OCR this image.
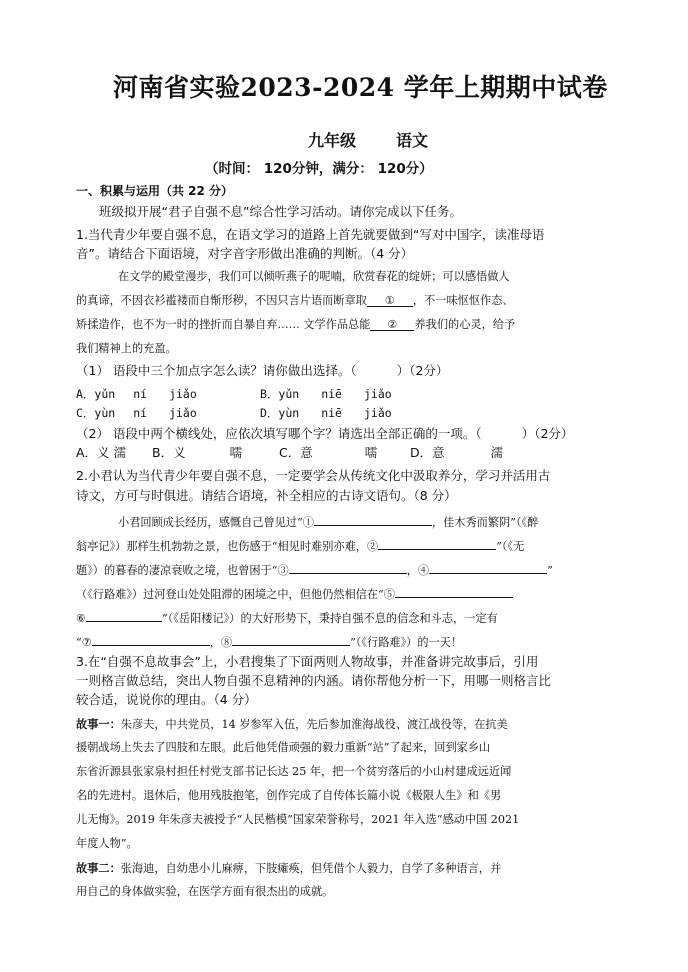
河南省实验2023-2024 学年上期期中试卷
九年级 语文
（时间： 120分钟，满分： 120分）
一、积累与运用（共 22 分）
班级拟开展“君子自强不息”综合性学习活动。请你完成以下任务。
1.当代青少年要自强不息，在语文学习的道路上首先就要做到“写对中国字，读准母语
音”。请结合下面语境，对字音字形做出准确的判断。（4 分）
在文学的殿堂漫步，我们可以倾听燕子的呢喃，欣赏春花的绽妍；可以感悟做人
的真谛，不因衣衫褴褛而自惭形秽，不因只言片语而断章取 ① ，不一味怄怄作态、
矫揉造作，也不为一时的挫折而自暴自弃…… 文学作品总能 ② 养我们的心灵，给予
我们精神上的充盈。
（1） 语段中三个加点字怎么读？请你做出选择。（	）（2分）
A．yǔn ní jiǎo	B．yǔn niē jiǎo
C．yùn ní jiǎo	D．yùn niē jiǎo
（2） 语段中两个横线处，应依次填写哪个字？请选出全部正确的一项。（	）（2分）
A．义 濡 B．义	嚅	C．意	嚅	D．意	濡
2.小君认为当代青少年要自强不息，一定要学会从传统文化中汲取养分，学习并活用古
诗文，方可与时俱进。请结合语境，补全相应的古诗文语句。（8 分）
小君回顾成长经历，感慨自己曾见过“①	，佳木秀而繁阴”（《醉
翁亭记》）那样生机勃勃之景，也伤感于“相见时难别亦难，②	”（《无
题》）的暮春的凄凉衰败之境，也曾困于“③	，④	”
（《行路难》）过河登山处处阻滞的困境之中，但他仍然相信在“⑤
⑥	”（《岳阳楼记》）的大好形势下，秉持自强不息的信念和斗志，一定有
“⑦	，⑧	”（《行路难》）的一天！
3.在“自强不息故事会”上，小君搜集了下面两则人物故事，并准备讲完故事后，引用
一则格言做总结，突出人物自强不息精神的内涵。请你帮他分析一下，用哪一则格言比
较合适，说说你的理由。（4 分）
故事一：朱彦夫，中共党员，14 岁参军入伍，先后参加淮海战役、渡江战役等，在抗美
援朝战场上失去了四肢和左眼。此后他凭借顽强的毅力重新“站”了起来，回到家乡山
东省沂源县张家泉村担任村党支部书记长达 25 年，把一个贫穷落后的小山村建成远近闻
名的先进村。退休后，他用残肢抱笔，创作完成了自传体长篇小说《极限人生》和《男
儿无悔》。2019 年朱彦夫被授予“人民楷模”国家荣誉称号，2021 年入选“感动中国 2021
年度人物”。
故事二：张海迪，自幼患小儿麻痹，下肢瘫痪，但凭借个人毅力，自学了多种语言，并
用自己的身体做实验，在医学方面有很杰出的成就。
